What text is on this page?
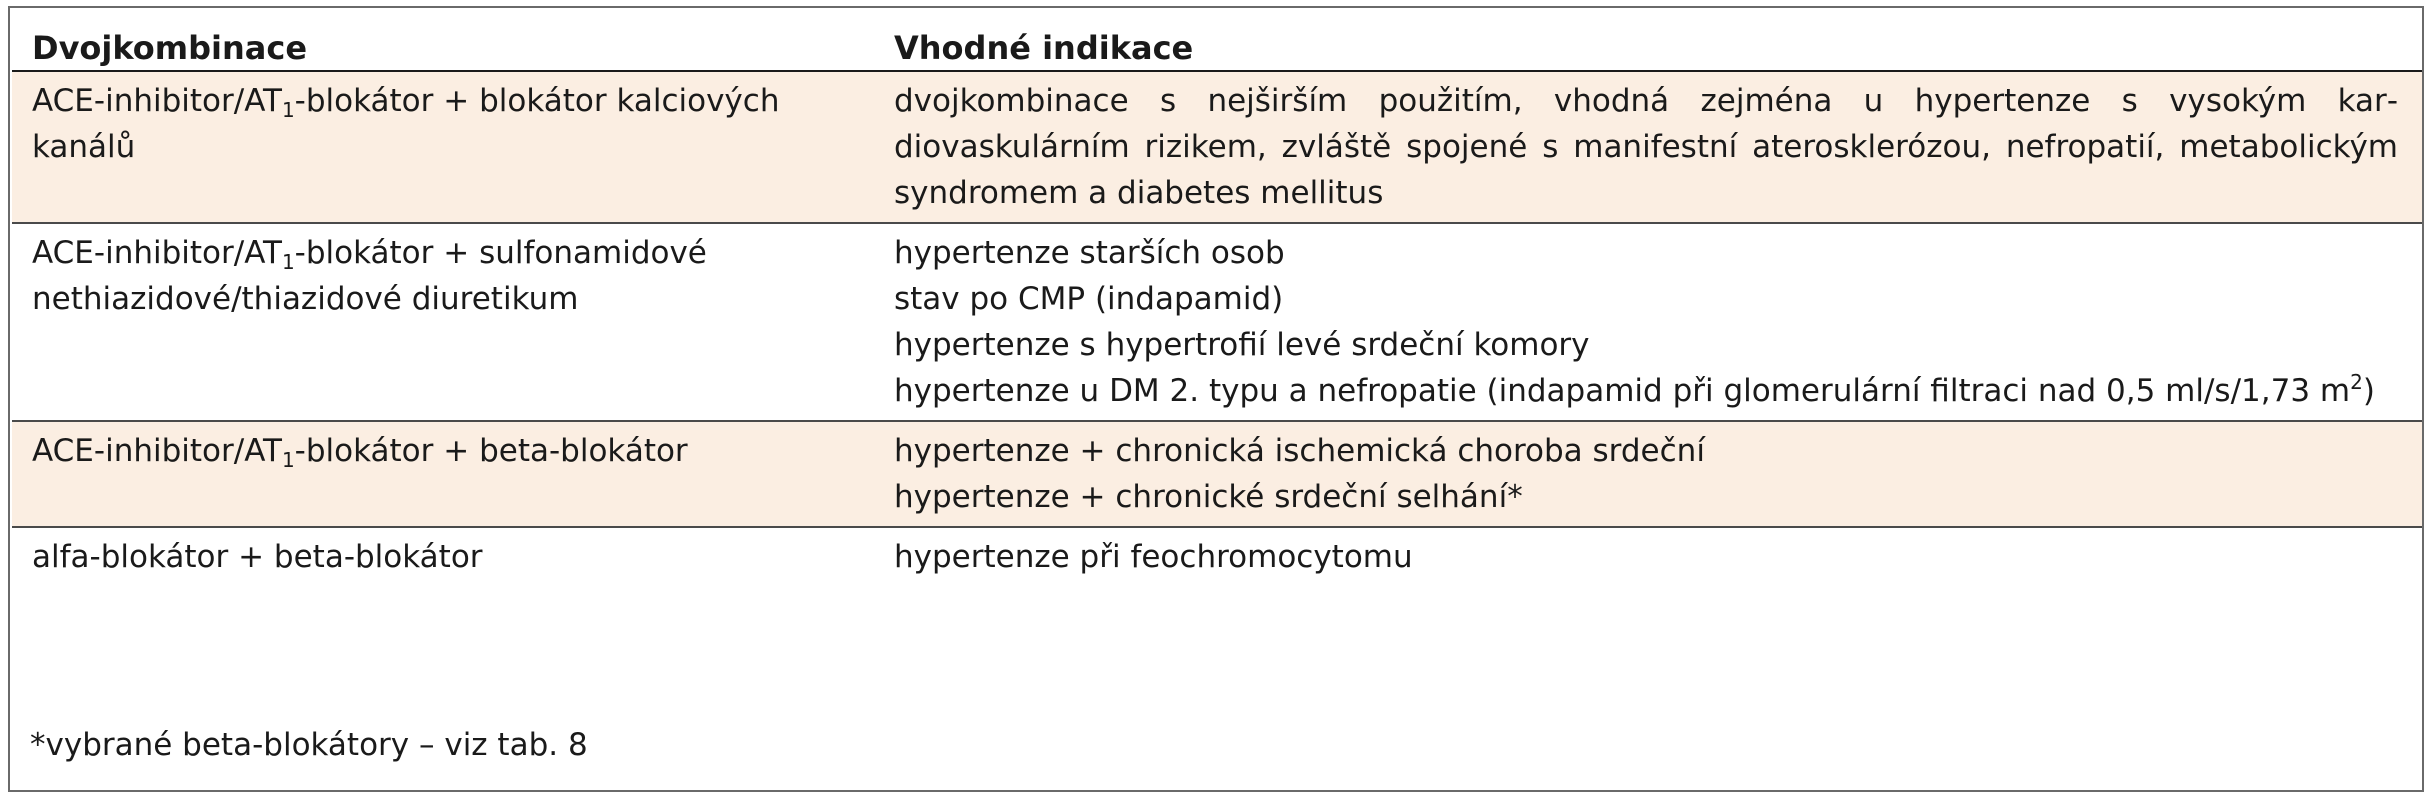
Dvojkombinace	Vhodné indikace
ACE-$inhibitor/AT_1$-blokátor + blokátor kalciových kanálů	dvojkombinace s nejširším použitím, vhodná zejména u hypertenze s vysokým kardiovaskulárním rizikem, zvláště spojené s manifestní aterosklerózou, nefropatií, metabolickým syndromem a diabetes mellitus

ACE-$inhibitor/AT_1$-blokátor + sulfonamidové nethiazidové/thiazidové diuretikum	hypertenze starších osob
stav po CMP (indapamid)
hypertenze s hypertrofií levé srdeční komory
hypertenze u DM 2. typu a nefropatie (indapamid při glomerulární filtraci nad 0,5 ml/s/1,73 $m^2$)

ACE-$inhibitor/AT_1$-blokátor + beta-blokátor	hypertenze + chronická ischemická choroba srdeční
hypertenze + chronické srdeční selhání*

alfa-blokátor + beta-blokátor	hypertenze při feochromocytomu
*vybrané beta-blokátory – viz tab. 8
